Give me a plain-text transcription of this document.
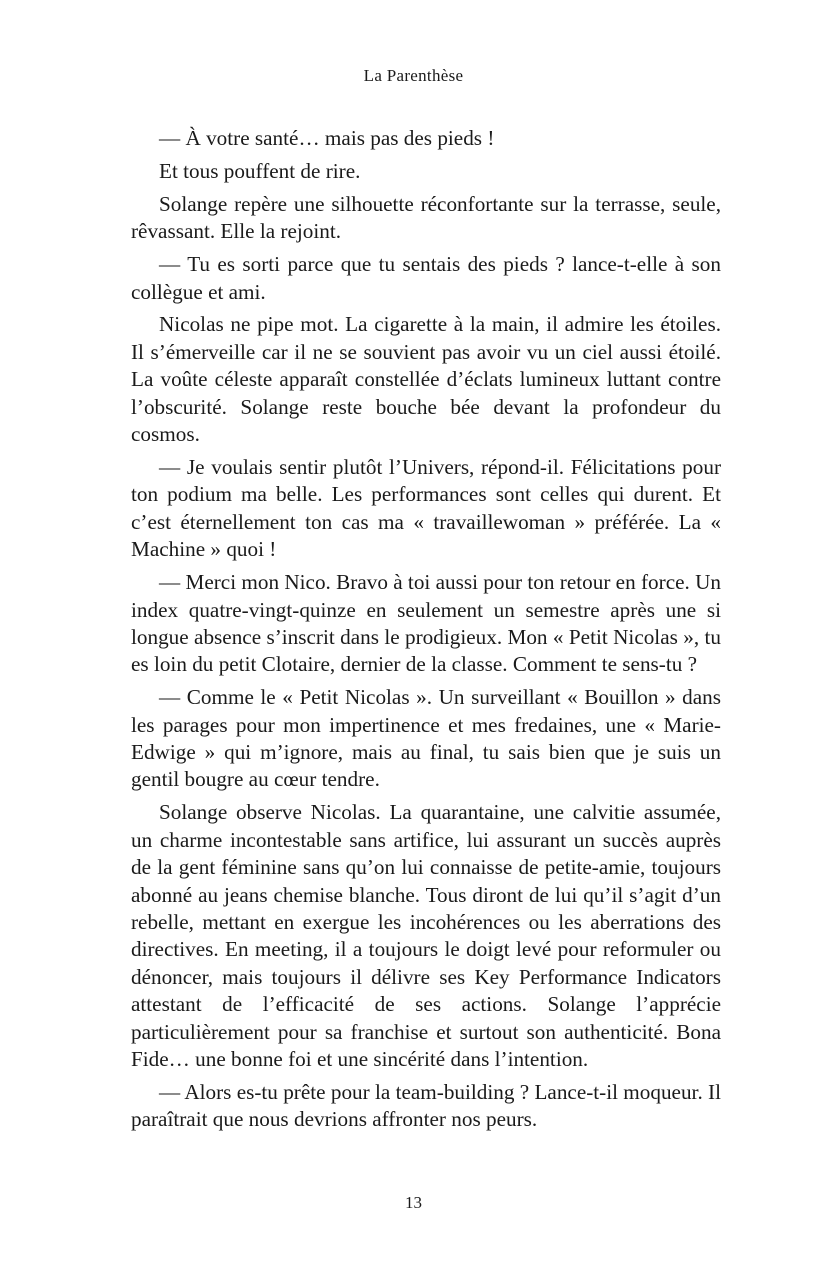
La Parenthèse

— À votre santé… mais pas des pieds !

Et tous pouffent de rire.

Solange repère une silhouette réconfortante sur la terrasse, seule, rêvassant. Elle la rejoint.

— Tu es sorti parce que tu sentais des pieds ? lance-t-elle à son collègue et ami.

Nicolas ne pipe mot. La cigarette à la main, il admire les étoiles. Il s’émerveille car il ne se souvient pas avoir vu un ciel aussi étoilé. La voûte céleste apparaît constellée d’éclats lumineux luttant contre l’obscurité. Solange reste bouche bée devant la profondeur du cosmos.

— Je voulais sentir plutôt l’Univers, répond-il. Félicitations pour ton podium ma belle. Les performances sont celles qui durent. Et c’est éternellement ton cas ma « travaillewoman » préférée. La « Machine » quoi !

— Merci mon Nico. Bravo à toi aussi pour ton retour en force. Un index quatre-vingt-quinze en seulement un semestre après une si longue absence s’inscrit dans le prodigieux. Mon « Petit Nicolas », tu es loin du petit Clotaire, dernier de la classe. Comment te sens-tu ?

— Comme le « Petit Nicolas ». Un surveillant « Bouillon » dans les parages pour mon impertinence et mes fredaines, une « Marie-Edwige » qui m’ignore, mais au final, tu sais bien que je suis un gentil bougre au cœur tendre.

Solange observe Nicolas. La quarantaine, une calvitie assumée, un charme incontestable sans artifice, lui assurant un succès auprès de la gent féminine sans qu’on lui connaisse de petite-amie, toujours abonné au jeans chemise blanche. Tous diront de lui qu’il s’agit d’un rebelle, mettant en exergue les incohérences ou les aberrations des directives. En meeting, il a toujours le doigt levé pour reformuler ou dénoncer, mais toujours il délivre ses Key Performance Indicators attestant de l’efficacité de ses actions. Solange l’apprécie particulièrement pour sa franchise et surtout son authenticité. Bona Fide… une bonne foi et une sincérité dans l’intention.

— Alors es-tu prête pour la team-building ? Lance-t-il moqueur. Il paraîtrait que nous devrions affronter nos peurs.

13
